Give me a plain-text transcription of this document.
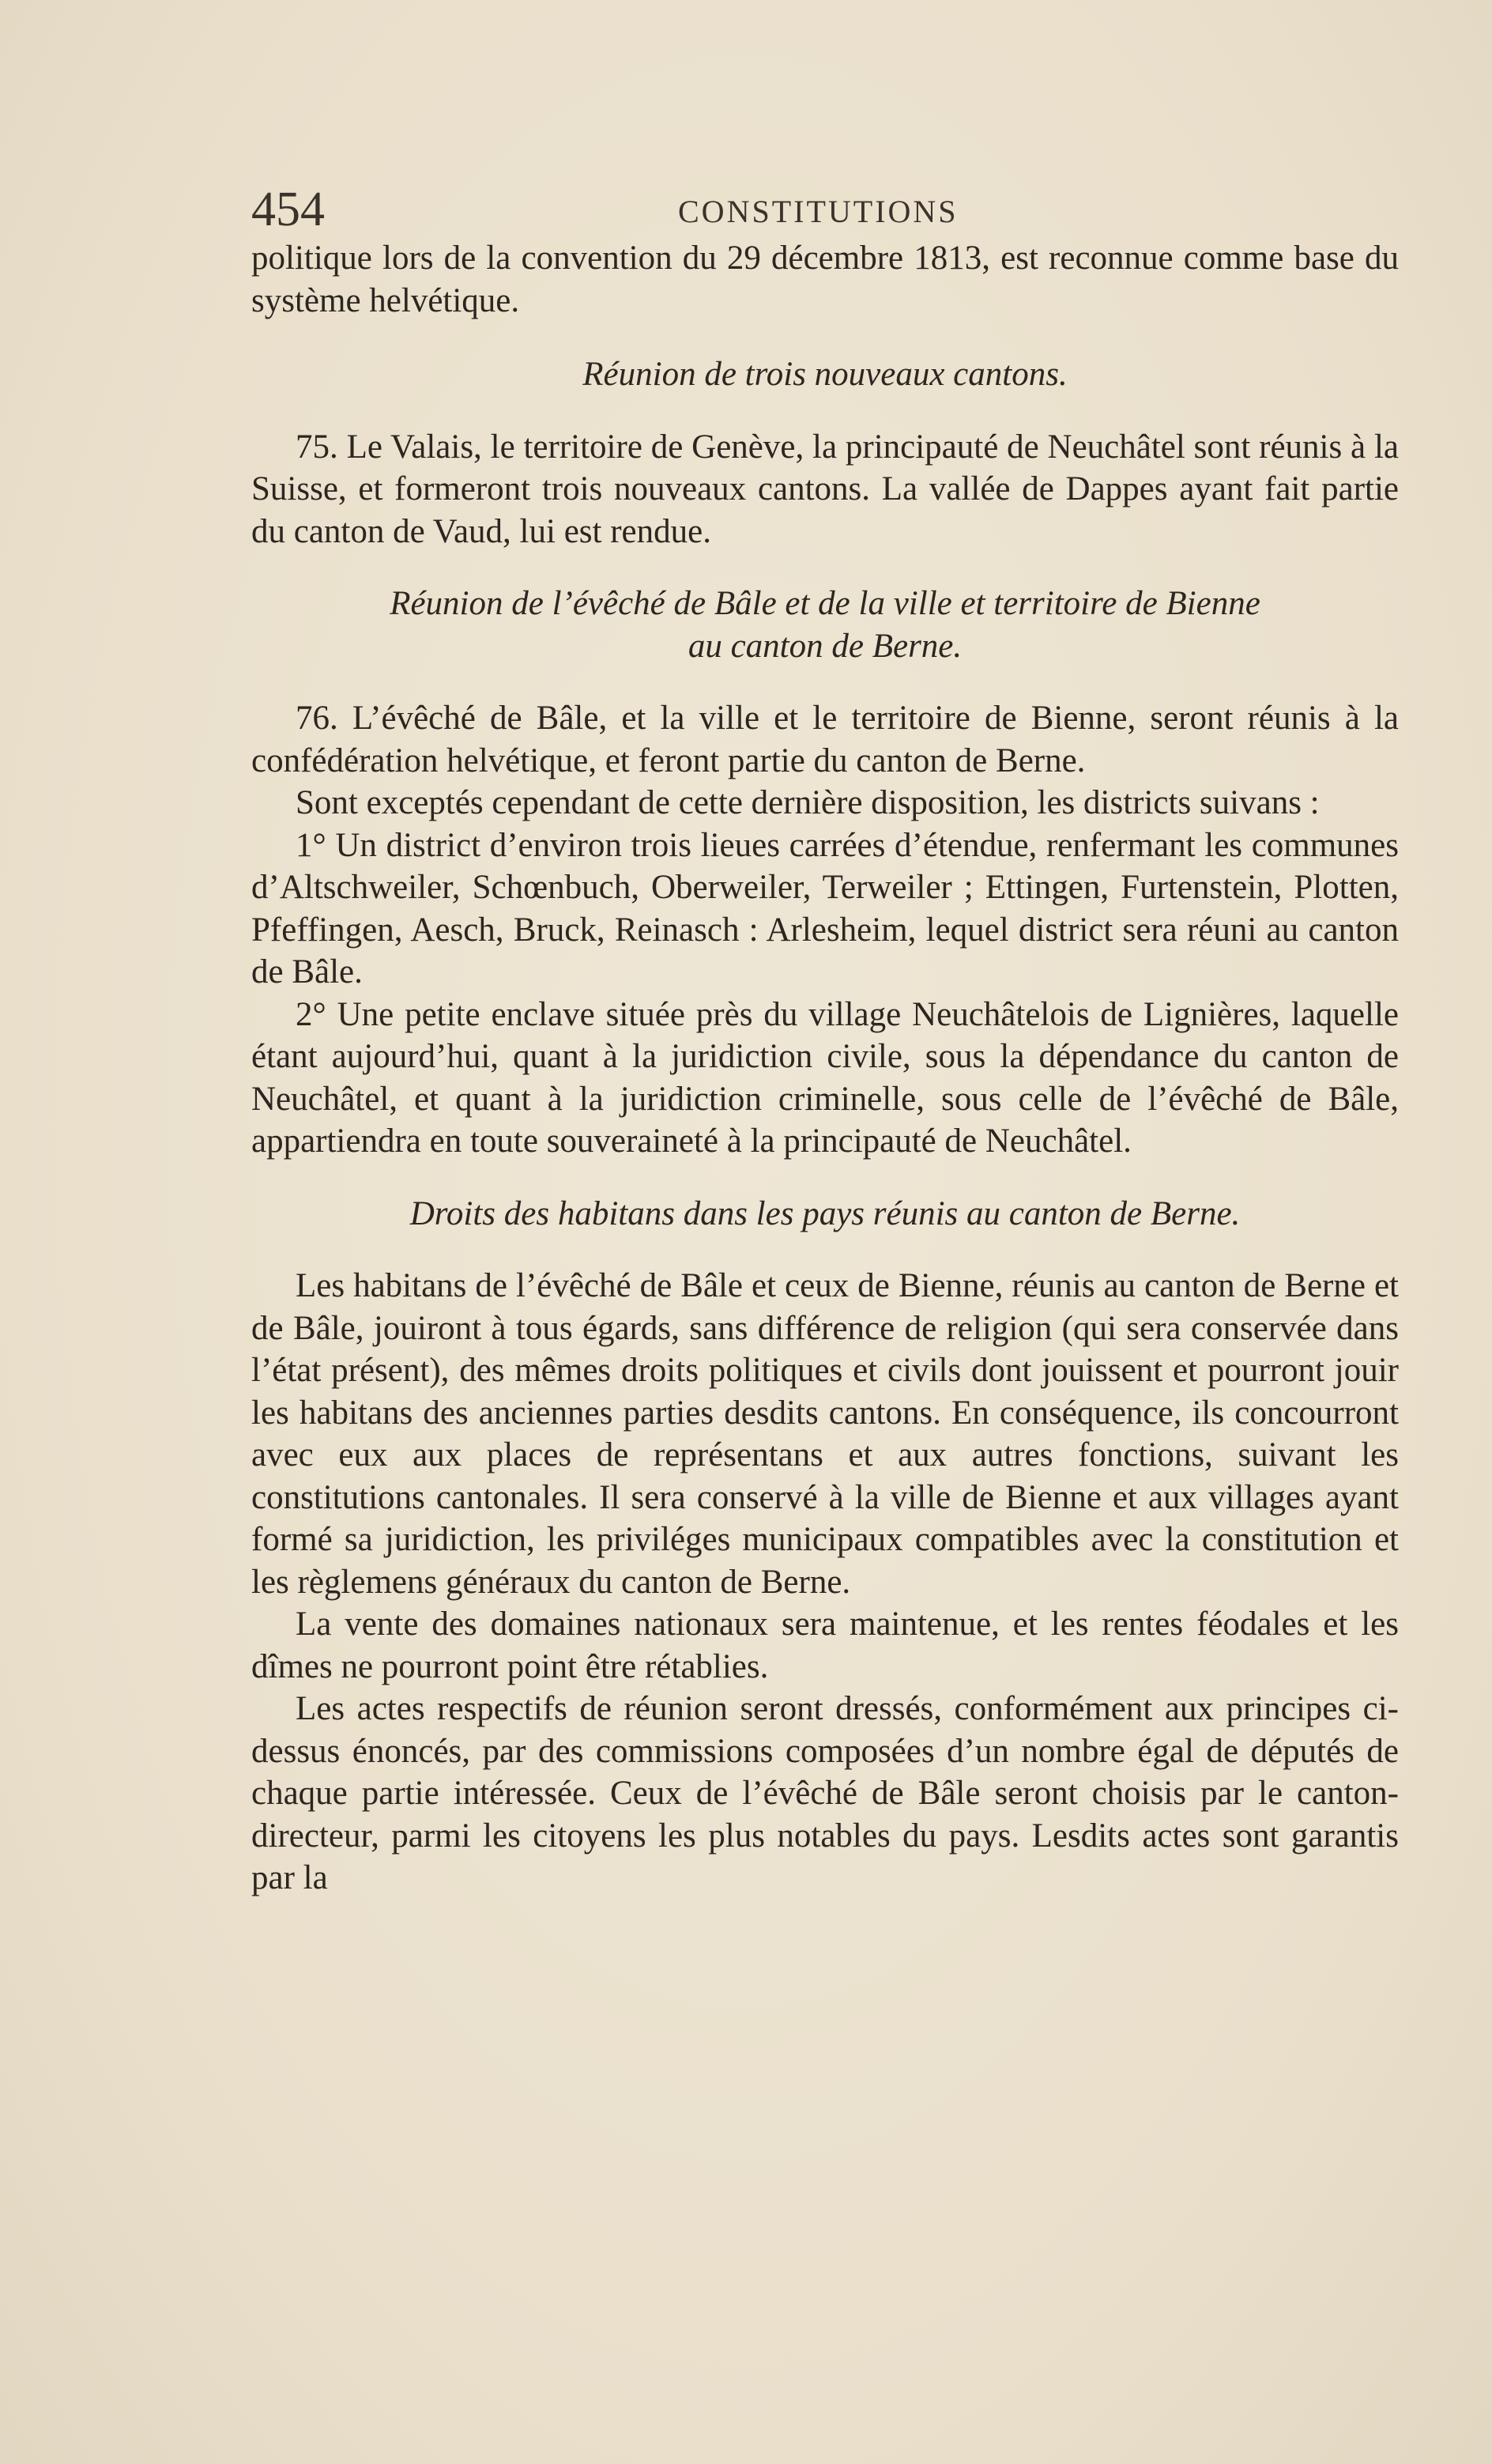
454	CONSTITUTIONS

politique lors de la convention du 29 décembre 1813, est reconnue comme base du système helvétique.

Réunion de trois nouveaux cantons.

75. Le Valais, le territoire de Genève, la principauté de Neuchâtel sont réunis à la Suisse, et formeront trois nouveaux cantons. La vallée de Dappes ayant fait partie du canton de Vaud, lui est rendue.

Réunion de l’évêché de Bâle et de la ville et territoire de Bienne
au canton de Berne.

76. L’évêché de Bâle, et la ville et le territoire de Bienne, seront réunis à la confédération helvétique, et feront partie du canton de Berne.

Sont exceptés cependant de cette dernière disposition, les districts suivans :

1° Un district d’environ trois lieues carrées d’étendue, renfermant les communes d’Altschweiler, Schœnbuch, Oberweiler, Terweiler ; Ettingen, Furtenstein, Plotten, Pfeffingen, Aesch, Bruck, Reinasch : Arlesheim, lequel district sera réuni au canton de Bâle.

2° Une petite enclave située près du village Neuchâtelois de Lignières, laquelle étant aujourd’hui, quant à la juridiction civile, sous la dépendance du canton de Neuchâtel, et quant à la juridiction criminelle, sous celle de l’évêché de Bâle, appartiendra en toute souveraineté à la principauté de Neuchâtel.

Droits des habitans dans les pays réunis au canton de Berne.

Les habitans de l’évêché de Bâle et ceux de Bienne, réunis au canton de Berne et de Bâle, jouiront à tous égards, sans différence de religion (qui sera conservée dans l’état présent), des mêmes droits politiques et civils dont jouissent et pourront jouir les habitans des anciennes parties desdits cantons. En conséquence, ils concourront avec eux aux places de représentans et aux autres fonctions, suivant les constitutions cantonales. Il sera conservé à la ville de Bienne et aux villages ayant formé sa juridiction, les priviléges municipaux compatibles avec la constitution et les règlemens généraux du canton de Berne.

La vente des domaines nationaux sera maintenue, et les rentes féodales et les dîmes ne pourront point être rétablies.

Les actes respectifs de réunion seront dressés, conformément aux principes ci-dessus énoncés, par des commissions composées d’un nombre égal de députés de chaque partie intéressée. Ceux de l’évêché de Bâle seront choisis par le canton-directeur, parmi les citoyens les plus notables du pays. Lesdits actes sont garantis par la
